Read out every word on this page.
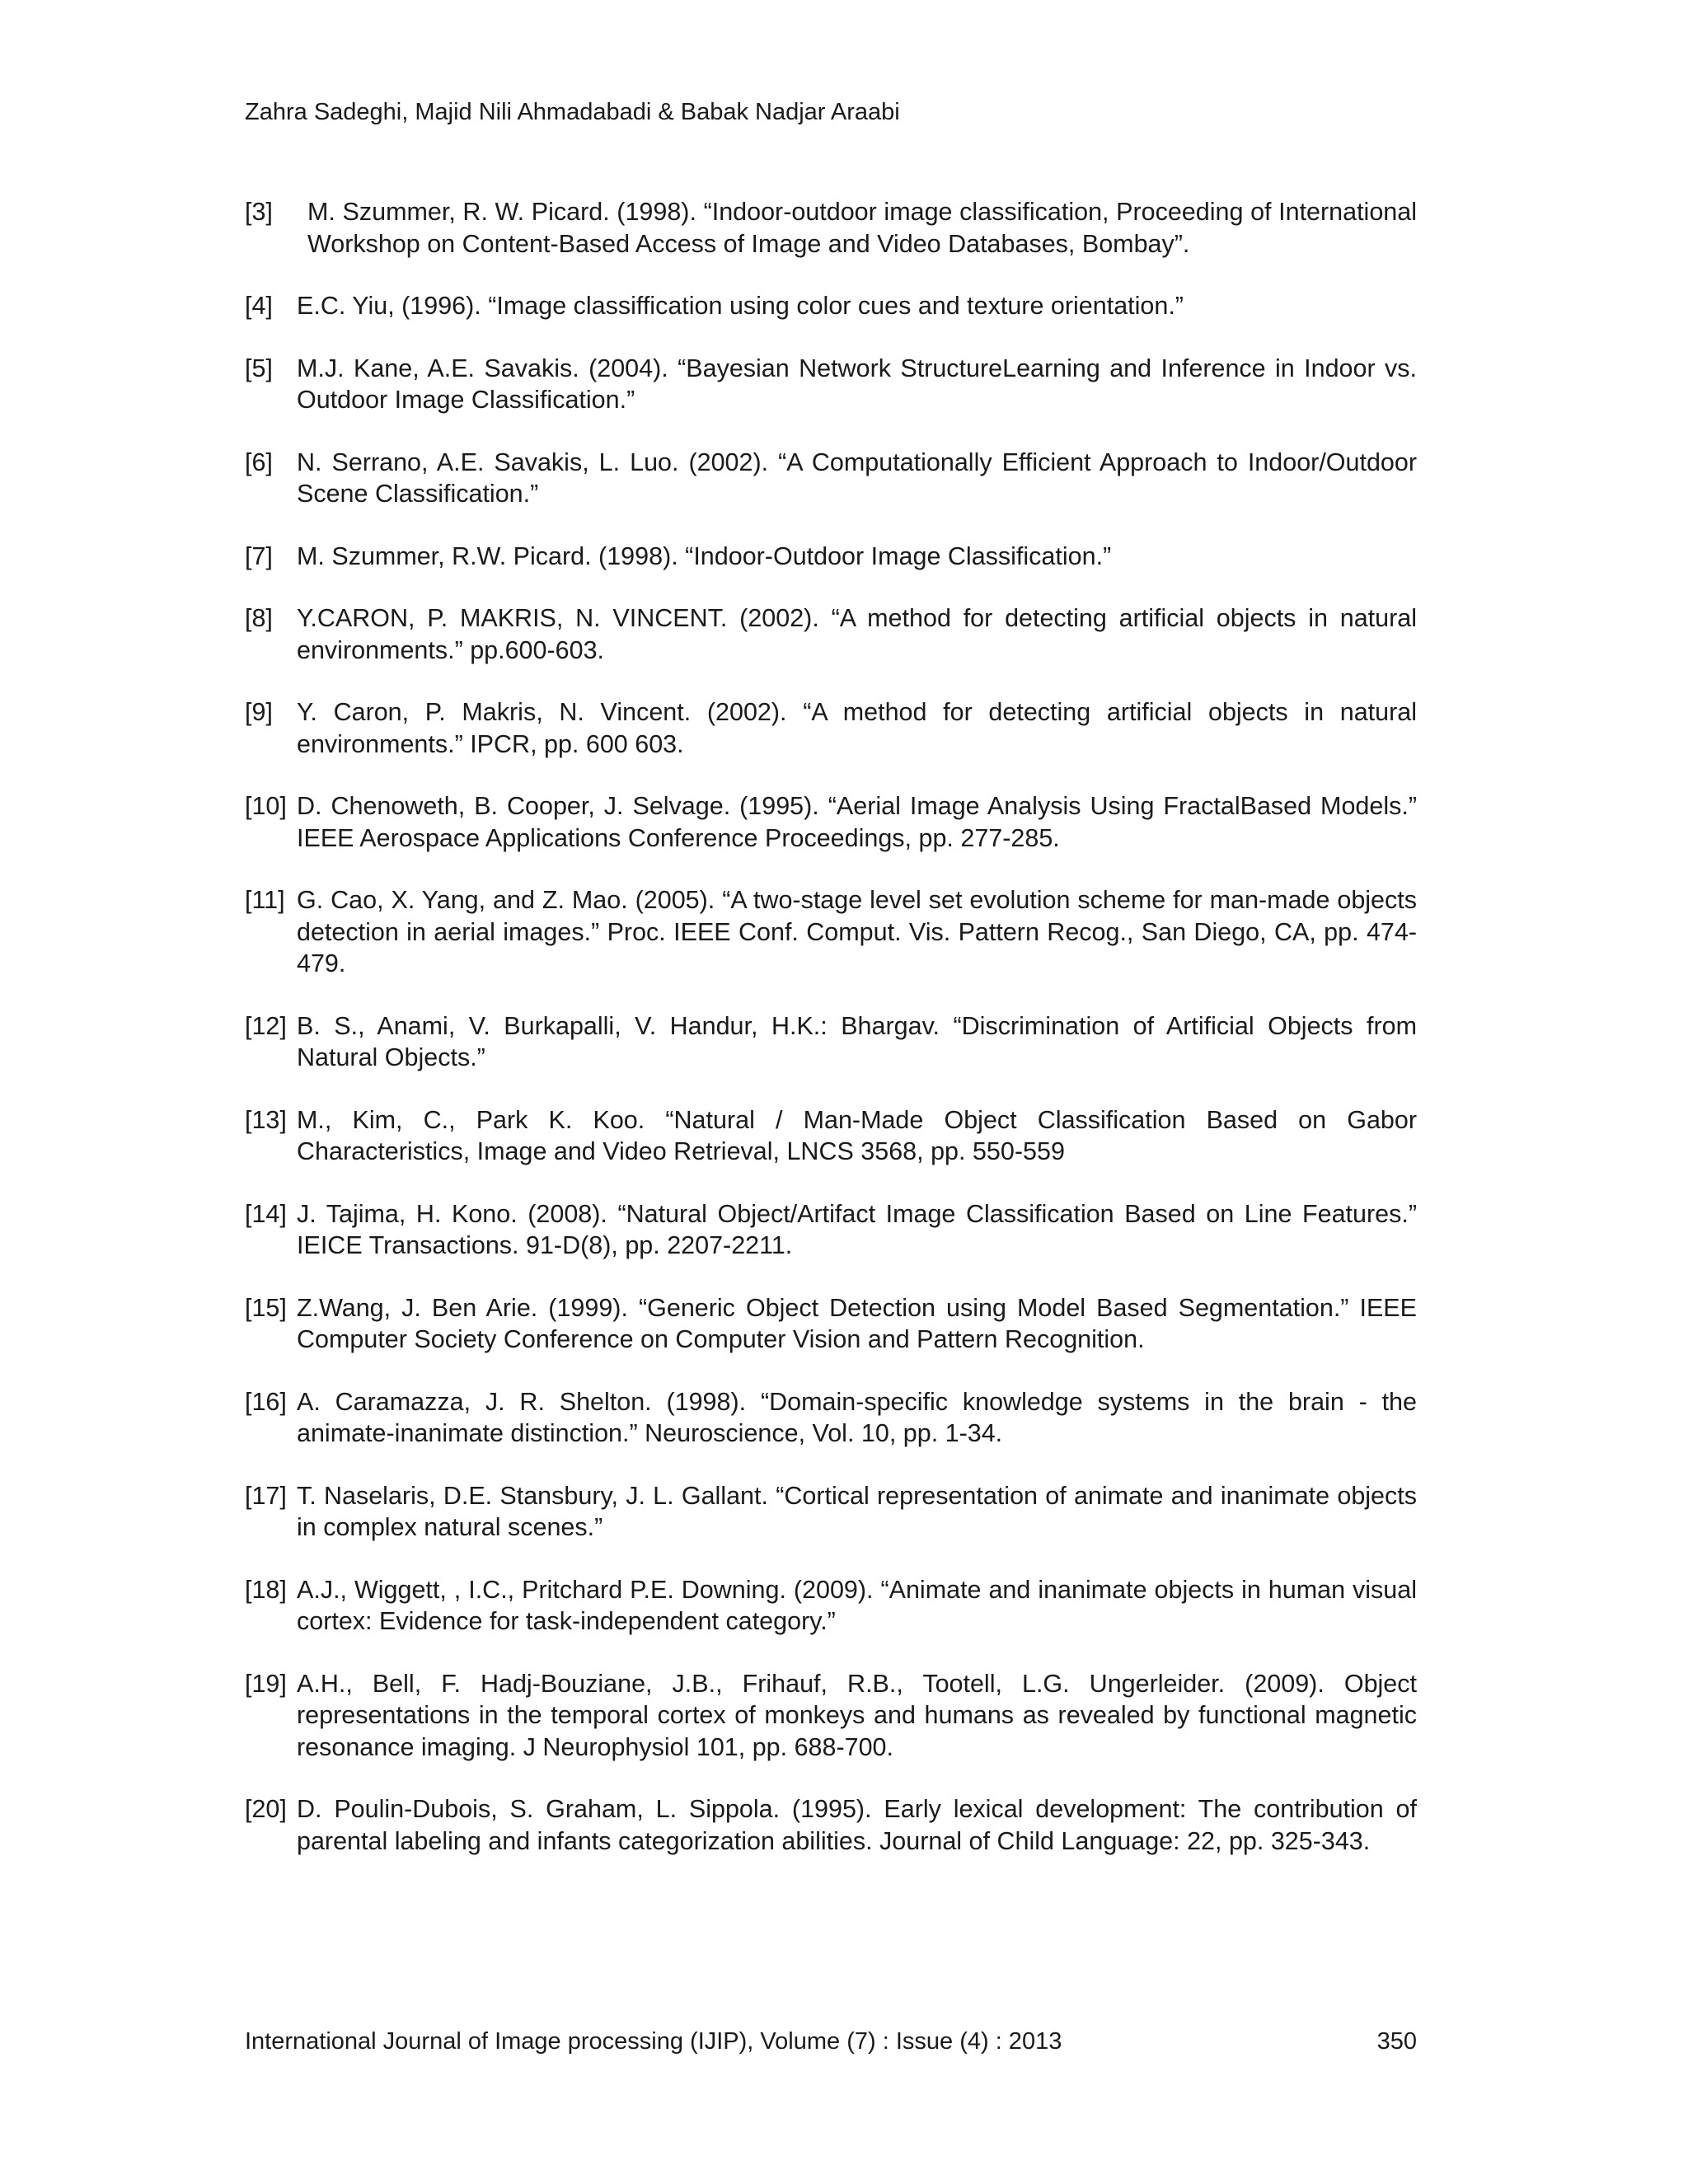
Zahra Sadeghi, Majid Nili Ahmadabadi & Babak Nadjar Araabi
[3] M. Szummer, R. W. Picard. (1998). “Indoor-outdoor image classification, Proceeding of International Workshop on Content-Based Access of Image and Video Databases, Bombay”.
[4] E.C. Yiu, (1996). “Image classiffication using color cues and texture orientation.”
[5] M.J. Kane, A.E. Savakis. (2004). “Bayesian Network StructureLearning and Inference in Indoor vs. Outdoor Image Classification.”
[6] N. Serrano, A.E. Savakis, L. Luo. (2002). “A Computationally Efficient Approach to Indoor/Outdoor Scene Classification.”
[7] M. Szummer, R.W. Picard. (1998). “Indoor-Outdoor Image Classification.”
[8] Y.CARON, P. MAKRIS, N. VINCENT. (2002). “A method for detecting artificial objects in natural environments.” pp.600-603.
[9] Y. Caron, P. Makris, N. Vincent. (2002). “A method for detecting artificial objects in natural environments.” IPCR, pp. 600 603.
[10] D. Chenoweth, B. Cooper, J. Selvage. (1995). “Aerial Image Analysis Using FractalBased Models.” IEEE Aerospace Applications Conference Proceedings, pp. 277-285.
[11] G. Cao, X. Yang, and Z. Mao. (2005). “A two-stage level set evolution scheme for man-made objects detection in aerial images.” Proc. IEEE Conf. Comput. Vis. Pattern Recog., San Diego, CA, pp. 474-479.
[12] B. S., Anami, V. Burkapalli, V. Handur, H.K.: Bhargav. “Discrimination of Artificial Objects from Natural Objects.”
[13] M., Kim, C., Park K. Koo. “Natural / Man-Made Object Classification Based on Gabor Characteristics, Image and Video Retrieval, LNCS 3568, pp. 550-559
[14] J. Tajima, H. Kono. (2008). “Natural Object/Artifact Image Classification Based on Line Features.” IEICE Transactions. 91-D(8), pp. 2207-2211.
[15] Z.Wang, J. Ben Arie. (1999). “Generic Object Detection using Model Based Segmentation.” IEEE Computer Society Conference on Computer Vision and Pattern Recognition.
[16] A. Caramazza, J. R. Shelton. (1998). “Domain-specific knowledge systems in the brain - the animate-inanimate distinction.” Neuroscience, Vol. 10, pp. 1-34.
[17] T. Naselaris, D.E. Stansbury, J. L. Gallant. “Cortical representation of animate and inanimate objects in complex natural scenes.”
[18] A.J., Wiggett, , I.C., Pritchard P.E. Downing. (2009). “Animate and inanimate objects in human visual cortex: Evidence for task-independent category.”
[19] A.H., Bell, F. Hadj-Bouziane, J.B., Frihauf, R.B., Tootell, L.G. Ungerleider. (2009). Object representations in the temporal cortex of monkeys and humans as revealed by functional magnetic resonance imaging. J Neurophysiol 101, pp. 688-700.
[20] D. Poulin-Dubois, S. Graham, L. Sippola. (1995). Early lexical development: The contribution of parental labeling and infants categorization abilities. Journal of Child Language: 22, pp. 325-343.
International Journal of Image processing (IJIP), Volume (7) : Issue (4) : 2013	350
